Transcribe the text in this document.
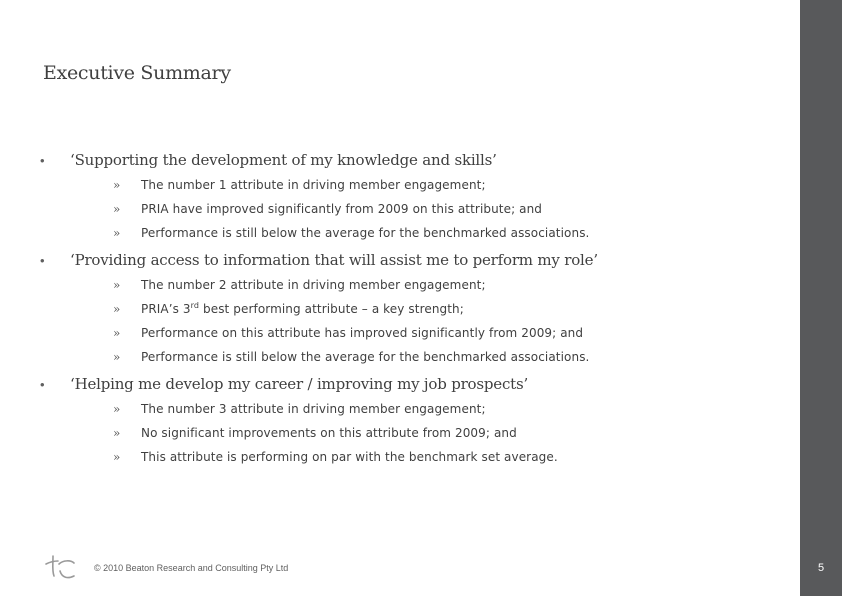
5
Executive Summary
• ‘Supporting the development of my knowledge and skills’
» The number 1 attribute in driving member engagement;
» PRIA have improved significantly from 2009 on this attribute; and
» Performance is still below the average for the benchmarked associations.
• ‘Providing access to information that will assist me to perform my role’
» The number 2 attribute in driving member engagement;
» PRIA’s 3rd best performing attribute – a key strength;
» Performance on this attribute has improved significantly from 2009; and
» Performance is still below the average for the benchmarked associations.
• ‘Helping me develop my career / improving my job prospects’
» The number 3 attribute in driving member engagement;
» No significant improvements on this attribute from 2009; and
» This attribute is performing on par with the benchmark set average.
© 2010 Beaton Research and Consulting Pty Ltd
